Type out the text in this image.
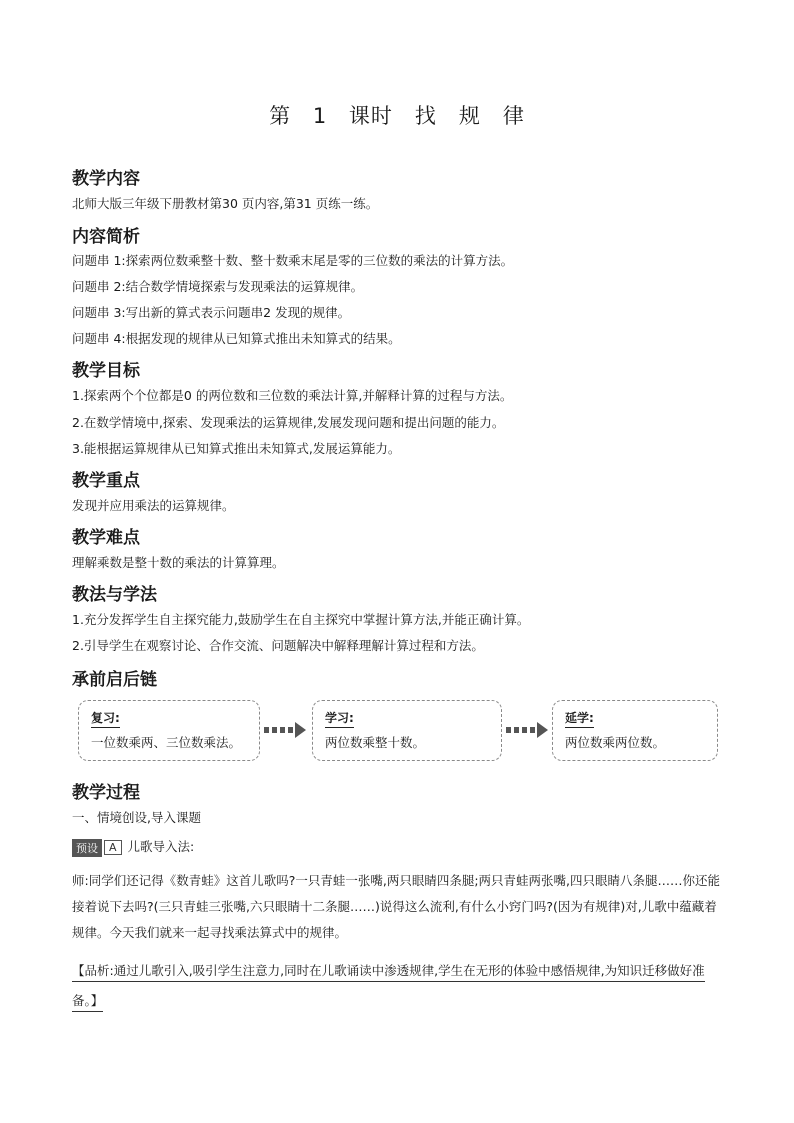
第 1 课时　找　规　律
教学内容
北师大版三年级下册教材第30 页内容,第31 页练一练。
内容简析
问题串 1:探索两位数乘整十数、整十数乘末尾是零的三位数的乘法的计算方法。
问题串 2:结合数学情境探索与发现乘法的运算规律。
问题串 3:写出新的算式表示问题串2 发现的规律。
问题串 4:根据发现的规律从已知算式推出未知算式的结果。
教学目标
1.探索两个个位都是0 的两位数和三位数的乘法计算,并解释计算的过程与方法。
2.在数学情境中,探索、发现乘法的运算规律,发展发现问题和提出问题的能力。
3.能根据运算规律从已知算式推出未知算式,发展运算能力。
教学重点
发现并应用乘法的运算规律。
教学难点
理解乘数是整十数的乘法的计算算理。
教法与学法
1.充分发挥学生自主探究能力,鼓励学生在自主探究中掌握计算方法,并能正确计算。
2.引导学生在观察讨论、合作交流、问题解决中解释理解计算过程和方法。
承前启后链
复习:
一位数乘两、三位数乘法。
学习:
两位数乘整十数。
延学:
两位数乘两位数。
教学过程
一、情境创设,导入课题
预设 A 儿歌导入法:
师:同学们还记得《数青蛙》这首儿歌吗?一只青蛙一张嘴,两只眼睛四条腿;两只青蛙两张嘴,四只眼睛八条腿……你还能接着说下去吗?(三只青蛙三张嘴,六只眼睛十二条腿……)说得这么流利,有什么小窍门吗?(因为有规律)对,儿歌中蕴藏着规律。今天我们就来一起寻找乘法算式中的规律。
【品析:通过儿歌引入,吸引学生注意力,同时在儿歌诵读中渗透规律,学生在无形的体验中感悟规律,为知识迁移做好准备。】
